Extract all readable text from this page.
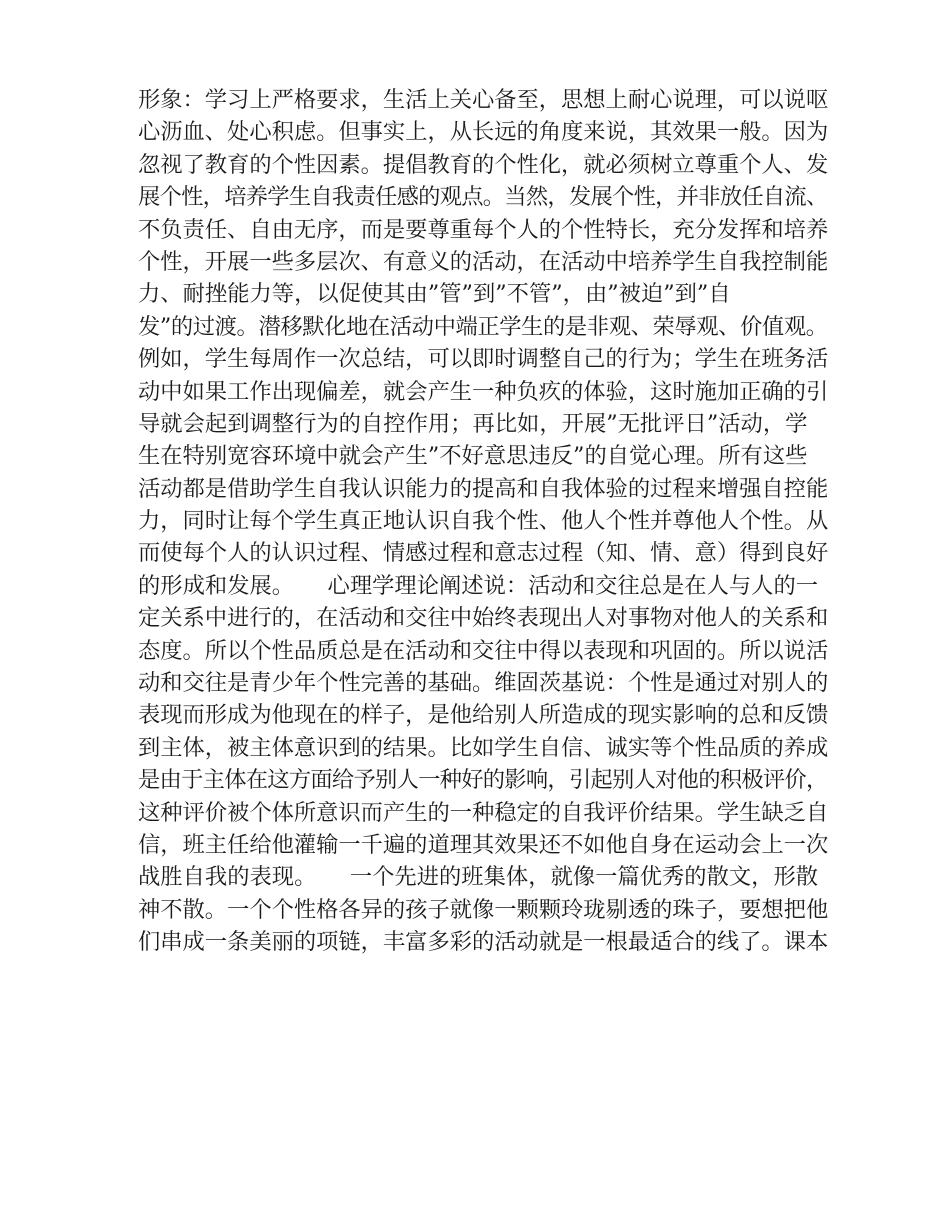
形象：学习上严格要求，生活上关心备至，思想上耐心说理，可以说呕
心沥血、处心积虑。但事实上，从长远的角度来说，其效果一般。因为
忽视了教育的个性因素。提倡教育的个性化，就必须树立尊重个人、发
展个性，培养学生自我责任感的观点。当然，发展个性，并非放任自流、
不负责任、自由无序，而是要尊重每个人的个性特长，充分发挥和培养
个性，开展一些多层次、有意义的活动，在活动中培养学生自我控制能
力、耐挫能力等，以促使其由”管”到”不管”，由”被迫”到”自
发”的过渡。潜移默化地在活动中端正学生的是非观、荣辱观、价值观。
例如，学生每周作一次总结，可以即时调整自己的行为；学生在班务活
动中如果工作出现偏差，就会产生一种负疚的体验，这时施加正确的引
导就会起到调整行为的自控作用；再比如，开展”无批评日”活动，学
生在特别宽容环境中就会产生”不好意思违反”的自觉心理。所有这些
活动都是借助学生自我认识能力的提高和自我体验的过程来增强自控能
力，同时让每个学生真正地认识自我个性、他人个性并尊他人个性。从
而使每个人的认识过程、情感过程和意志过程（知、情、意）得到良好
的形成和发展。　　心理学理论阐述说：活动和交往总是在人与人的一
定关系中进行的，在活动和交往中始终表现出人对事物对他人的关系和
态度。所以个性品质总是在活动和交往中得以表现和巩固的。所以说活
动和交往是青少年个性完善的基础。维固茨基说：个性是通过对别人的
表现而形成为他现在的样子，是他给别人所造成的现实影响的总和反馈
到主体，被主体意识到的结果。比如学生自信、诚实等个性品质的养成
是由于主体在这方面给予别人一种好的影响，引起别人对他的积极评价，
这种评价被个体所意识而产生的一种稳定的自我评价结果。学生缺乏自
信，班主任给他灌输一千遍的道理其效果还不如他自身在运动会上一次
战胜自我的表现。　　一个先进的班集体，就像一篇优秀的散文，形散
神不散。一个个性格各异的孩子就像一颗颗玲珑剔透的珠子，要想把他
们串成一条美丽的项链，丰富多彩的活动就是一根最适合的线了。课本
